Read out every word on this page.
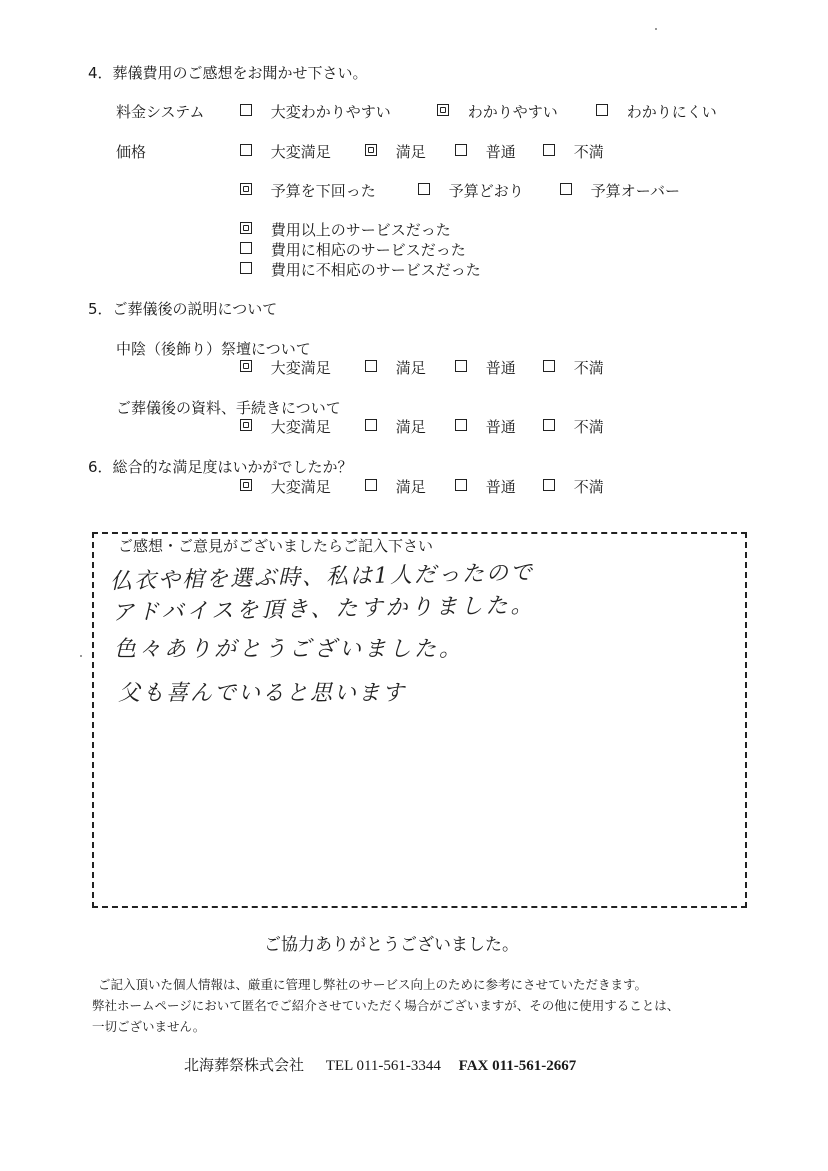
4．葬儀費用のご感想をお聞かせ下さい。
料金システム	大変わかりやすい	わかりやすい	わかりにくい
価格	大変満足	満足	普通	不満
予算を下回った	予算どおり	予算オーバー
費用以上のサービスだった
費用に相応のサービスだった
費用に不相応のサービスだった
5．ご葬儀後の説明について
中陰（後飾り）祭壇について
大変満足	満足	普通	不満
ご葬儀後の資料、手続きについて
大変満足	満足	普通	不満
6．総合的な満足度はいかがでしたか？
大変満足	満足	普通	不満
ご感想・ご意見がございましたらご記入下さい
仏衣や棺を選ぶ時、私は1人だったので
アドバイスを頂き、たすかりました。
色々ありがとうございました。
父も喜んでいると思います
ご協力ありがとうございました。
ご記入頂いた個人情報は、厳重に管理し弊社のサービス向上のために参考にさせていただきます。
弊社ホームページにおいて匿名でご紹介させていただく場合がございますが、その他に使用することは、
一切ございません。
北海葬祭株式会社 TEL 011-561-3344 FAX 011-561-2667
